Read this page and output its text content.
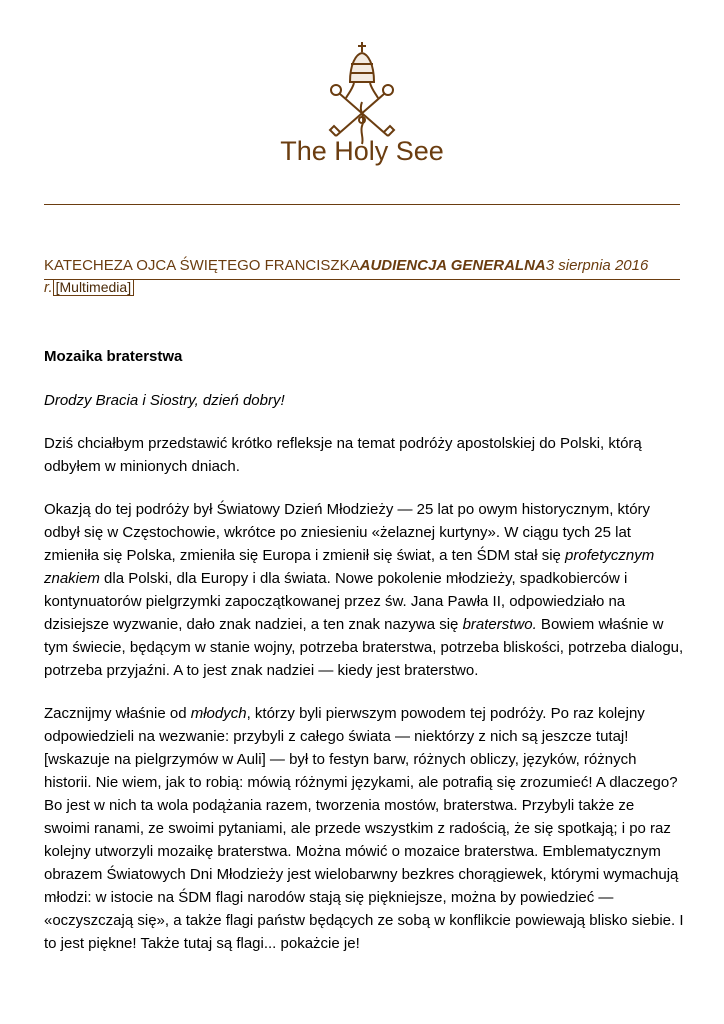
The Holy See
KATECHEZA OJCA ŚWIĘTEGO FRANCISZKAAUDIENCJA GENERALNA3 sierpnia 2016
r. [Multimedia]
Mozaika braterstwa

Drodzy Bracia i Siostry, dzień dobry!

Dziś chciałbym przedstawić krótko refleksje na temat podróży apostolskiej do Polski, którą odbyłem w minionych dniach.

Okazją do tej podróży był Światowy Dzień Młodzieży — 25 lat po owym historycznym, który odbył się w Częstochowie, wkrótce po zniesieniu «żelaznej kurtyny». W ciągu tych 25 lat zmieniła się Polska, zmieniła się Europa i zmienił się świat, a ten ŚDM stał się profetycznym znakiem dla Polski, dla Europy i dla świata. Nowe pokolenie młodzieży, spadkobierców i kontynuatorów pielgrzymki zapoczątkowanej przez św. Jana Pawła II, odpowiedziało na dzisiejsze wyzwanie, dało znak nadziei, a ten znak nazywa się braterstwo. Bowiem właśnie w tym świecie, będącym w stanie wojny, potrzeba braterstwa, potrzeba bliskości, potrzeba dialogu, potrzeba przyjaźni. A to jest znak nadziei — kiedy jest braterstwo.

Zacznijmy właśnie od młodych, którzy byli pierwszym powodem tej podróży. Po raz kolejny odpowiedzieli na wezwanie: przybyli z całego świata — niektórzy z nich są jeszcze tutaj! [wskazuje na pielgrzymów w Auli] — był to festyn barw, różnych obliczy, języków, różnych historii. Nie wiem, jak to robią: mówią różnymi językami, ale potrafią się zrozumieć! A dlaczego? Bo jest w nich ta wola podążania razem, tworzenia mostów, braterstwa. Przybyli także ze swoimi ranami, ze swoimi pytaniami, ale przede wszystkim z radością, że się spotkają; i po raz kolejny utworzyli mozaikę braterstwa. Można mówić o mozaice braterstwa. Emblematycznym obrazem Światowych Dni Młodzieży jest wielobarwny bezkres chorągiewek, którymi wymachują młodzi: w istocie na ŚDM flagi narodów stają się piękniejsze, można by powiedzieć — «oczyszczają się», a także flagi państw będących ze sobą w konflikcie powiewają blisko siebie. I to jest piękne! Także tutaj są flagi... pokażcie je!
